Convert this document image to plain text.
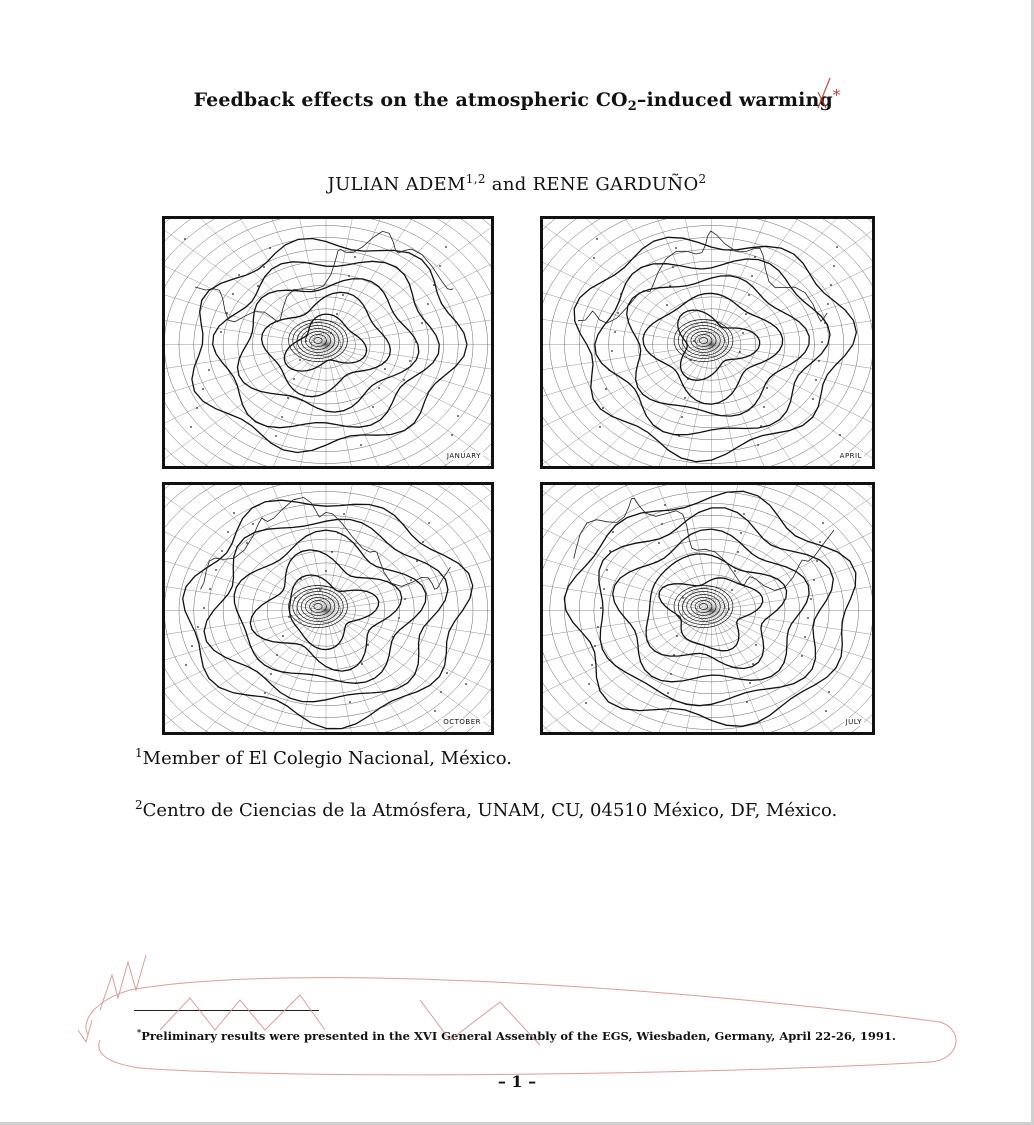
Feedback effects on the atmospheric $CO_2$–induced warming*
JULIAN ADEM$^{1,2}$ and RENE GARDUÑO$^2$
JANUARY	APRIL
OCTOBER	JULY
$^1$Member of El Colegio Nacional, México.
$^2$Centro de Ciencias de la Atmósfera, UNAM, CU, 04510 México, DF, México.
*Preliminary results were presented in the XVI General Assembly of the EGS, Wiesbaden, Germany, April 22-26, 1991.
– 1 –
